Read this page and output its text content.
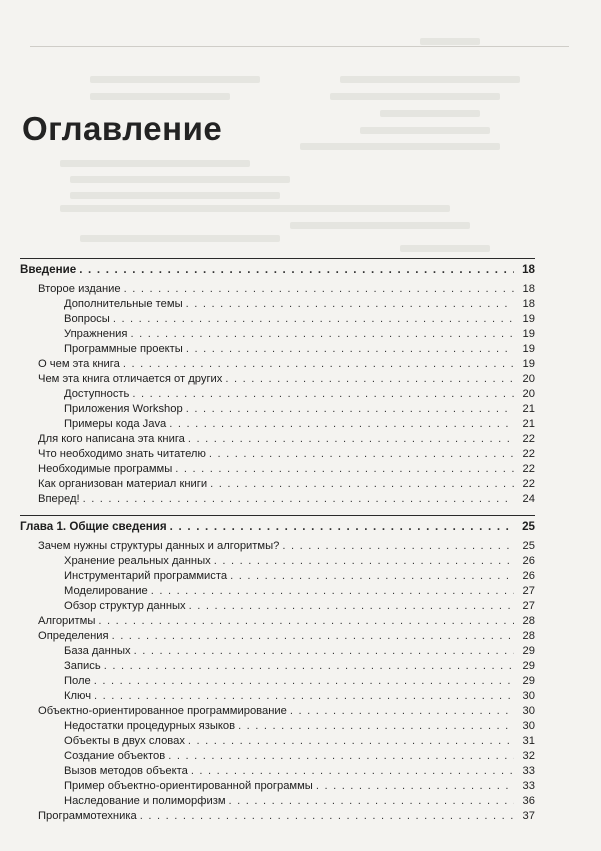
Оглавление
Введение . . .	18
Второе издание . . .	18
Дополнительные темы . . .	18
Вопросы . . .	19
Упражнения . . .	19
Программные проекты . . .	19
О чем эта книга . . .	19
Чем эта книга отличается от других . . .	20
Доступность . . .	20
Приложения Workshop . . .	21
Примеры кода Java . . .	21
Для кого написана эта книга . . .	22
Что необходимо знать читателю . . .	22
Необходимые программы . . .	22
Как организован материал книги . . .	22
Вперед! . . .	24
Глава 1. Общие сведения . . .	25
Зачем нужны структуры данных и алгоритмы? . . .	25
Хранение реальных данных . . .	26
Инструментарий программиста . . .	26
Моделирование . . .	27
Обзор структур данных . . .	27
Алгоритмы . . .	28
Определения . . .	28
База данных . . .	29
Запись . . .	29
Поле . . .	29
Ключ . . .	30
Объектно-ориентированное программирование . . .	30
Недостатки процедурных языков . . .	30
Объекты в двух словах . . .	31
Создание объектов . . .	32
Вызов методов объекта . . .	33
Пример объектно-ориентированной программы . . .	33
Наследование и полиморфизм . . .	36
Программотехника . . .	37
